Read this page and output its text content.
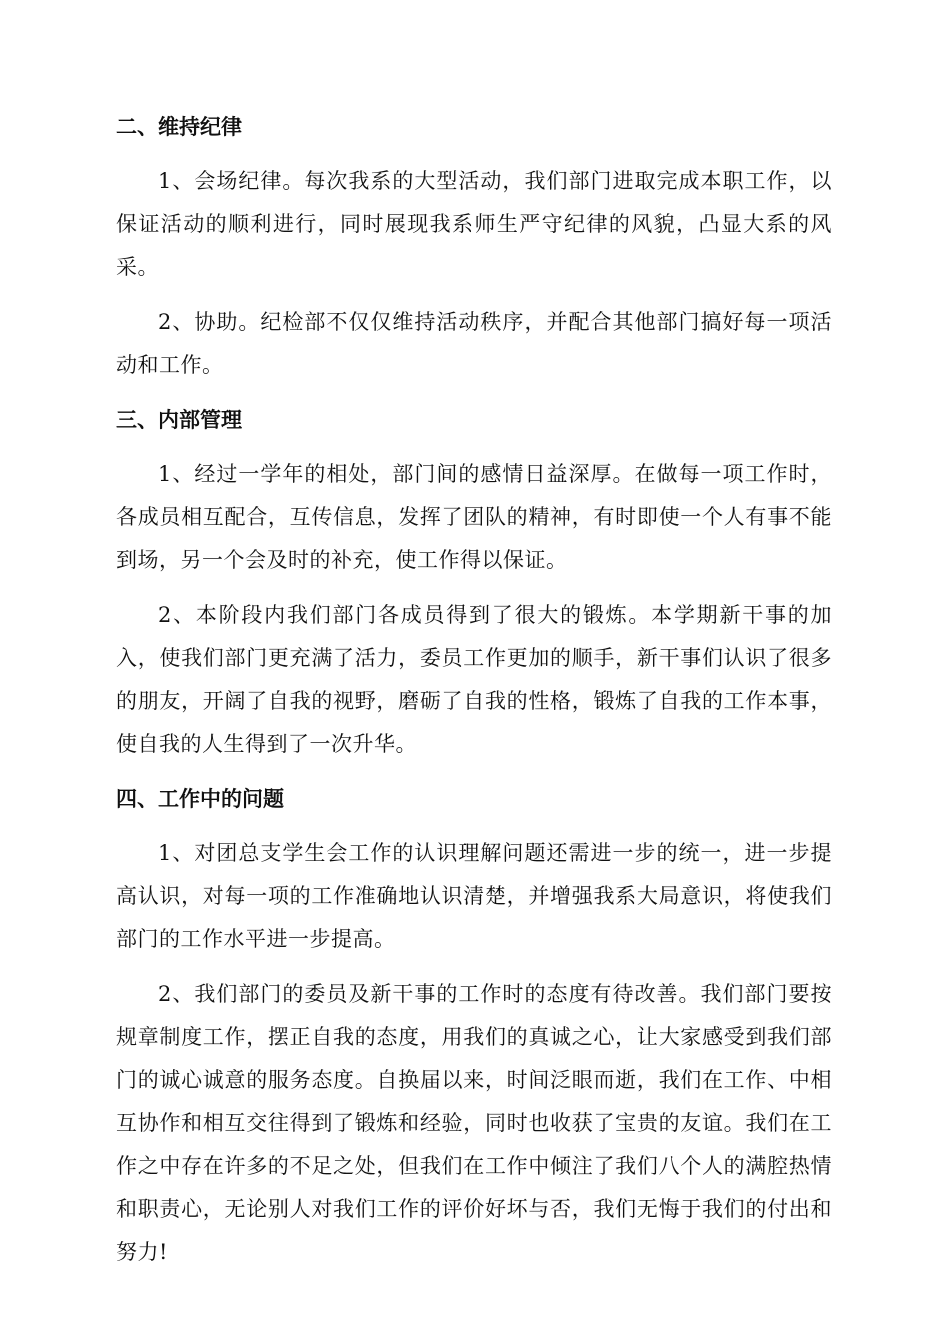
二、维持纪律

1、会场纪律。每次我系的大型活动，我们部门进取完成本职工作，以保证活动的顺利进行，同时展现我系师生严守纪律的风貌，凸显大系的风采。

2、协助。纪检部不仅仅维持活动秩序，并配合其他部门搞好每一项活动和工作。

三、内部管理

1、经过一学年的相处，部门间的感情日益深厚。在做每一项工作时，各成员相互配合，互传信息，发挥了团队的精神，有时即使一个人有事不能到场，另一个会及时的补充，使工作得以保证。

2、本阶段内我们部门各成员得到了很大的锻炼。本学期新干事的加入，使我们部门更充满了活力，委员工作更加的顺手，新干事们认识了很多的朋友，开阔了自我的视野，磨砺了自我的性格，锻炼了自我的工作本事，使自我的人生得到了一次升华。

四、工作中的问题

1、对团总支学生会工作的认识理解问题还需进一步的统一，进一步提高认识，对每一项的工作准确地认识清楚，并增强我系大局意识，将使我们部门的工作水平进一步提高。

2、我们部门的委员及新干事的工作时的态度有待改善。我们部门要按规章制度工作，摆正自我的态度，用我们的真诚之心，让大家感受到我们部门的诚心诚意的服务态度。自换届以来，时间泛眼而逝，我们在工作、中相互协作和相互交往得到了锻炼和经验，同时也收获了宝贵的友谊。我们在工作之中存在许多的不足之处，但我们在工作中倾注了我们八个人的满腔热情和职责心，无论别人对我们工作的评价好坏与否，我们无悔于我们的付出和努力!
